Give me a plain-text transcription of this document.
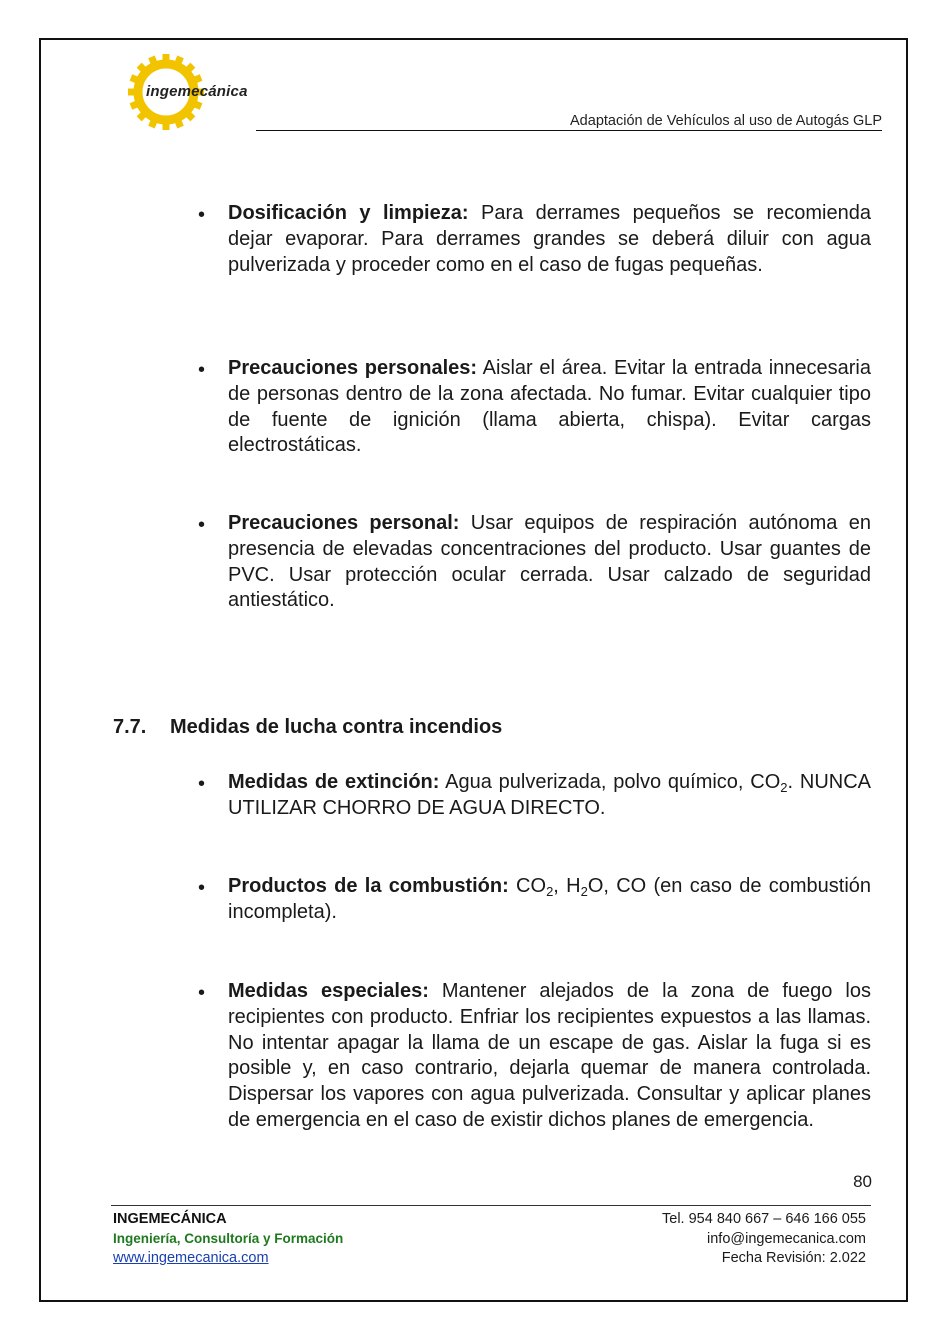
ingemecánica
Adaptación de Vehículos al uso de Autogás GLP
• Dosificación y limpieza: Para derrames pequeños se recomienda dejar evaporar. Para derrames grandes se deberá diluir con agua pulverizada y proceder como en el caso de fugas pequeñas.
• Precauciones personales: Aislar el área. Evitar la entrada innecesaria de personas dentro de la zona afectada. No fumar. Evitar cualquier tipo de fuente de ignición (llama abierta, chispa). Evitar cargas electrostáticas.
• Precauciones personal: Usar equipos de respiración autónoma en presencia de elevadas concentraciones del producto. Usar guantes de PVC. Usar protección ocular cerrada. Usar calzado de seguridad antiestático.
7.7. Medidas de lucha contra incendios
• Medidas de extinción: Agua pulverizada, polvo químico, $CO_2$. NUNCA UTILIZAR CHORRO DE AGUA DIRECTO.
• Productos de la combustión: $CO_2$, $H_2O$, CO (en caso de combustión incompleta).
• Medidas especiales: Mantener alejados de la zona de fuego los recipientes con producto. Enfriar los recipientes expuestos a las llamas. No intentar apagar la llama de un escape de gas. Aislar la fuga si es posible y, en caso contrario, dejarla quemar de manera controlada. Dispersar los vapores con agua pulverizada. Consultar y aplicar planes de emergencia en el caso de existir dichos planes de emergencia.
80
INGEMECÁNICA
Ingeniería, Consultoría y Formación
www.ingemecanica.com
Tel. 954 840 667 – 646 166 055
info@ingemecanica.com
Fecha Revisión: 2.022
